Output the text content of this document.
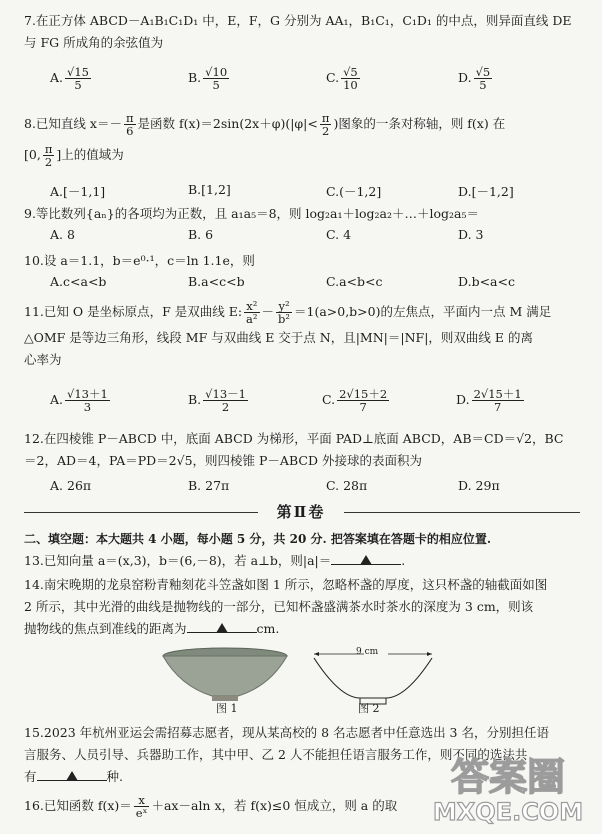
7.在正方体 ABCD－A₁B₁C₁D₁ 中，E，F，G 分别为 AA₁，B₁C₁，C₁D₁ 的中点，则异面直线 DE
与 FG 所成角的余弦值为
A. $\frac{√15}{5}$	B. $\frac{√10}{5}$	C. $\frac{√5}{10}$	D. $\frac{√5}{5}$
8.已知直线 $x=- \frac{\pi}{6}$ 是函数 $f(x)=2\sin(2x+\varphi)(|\varphi|< \frac{\pi}{2}$ )图象的一条对称轴，则 f(x) 在
[0, $\frac{\pi}{2}$ ]上的值域为
A.[－1,1]	B.[1,2]	C.(－1,2]	D.[－1,2]
9.等比数列{aₙ}的各项均为正数，且 a₁a₅＝8，则 log₂a₁＋log₂a₂＋…＋log₂a₅＝
A. 8	B. 6	C. 4	D. 3
10.设 a＝1.1，b＝e⁰·¹，c＝ln 1.1e，则
A.c<a<b	B.a<c<b	C.a<b<c	D.b<a<c
11.已知 O 是坐标原点，F 是双曲线 E: $\frac{\text{x²}}{\text{a²}} - \frac{\text{y²}}{\text{b²}} =1(a>0,b>0)$的左焦点，平面内一点 M 满足
△OMF 是等边三角形，线段 MF 与双曲线 E 交于点 N，且|MN|＝|NF|，则双曲线 E 的离
心率为
A. $\frac{√13+1}{3}$	B. $\frac{√13-1}{2}$	C. $\frac{2√15+2}{7}$	D. $\frac{2√15+1}{7}$
12.在四棱锥 P－ABCD 中，底面 ABCD 为梯形，平面 PAD⊥底面 ABCD，AB＝CD＝√2，BC
＝2，AD＝4，PA＝PD＝2√5，则四棱锥 P－ABCD 外接球的表面积为
A. 26π	B. 27π	C. 28π	D. 29π
第Ⅱ卷
二、填空题：本大题共 4 小题，每小题 5 分，共 20 分. 把答案填在答题卡的相应位置.
13.已知向量 a＝(x,3)，b＝(6,－8)，若 a⊥b，则|a|＝	.
14.南宋晚期的龙泉窑粉青釉刻花斗笠盏如图 1 所示，忽略杯盏的厚度，这只杯盏的轴截面如图
2 所示，其中光滑的曲线是抛物线的一部分，已知杯盏盛满茶水时茶水的深度为 3 cm，则该
抛物线的焦点到准线的距离为	cm.
图 1
9 cm
图 2
15.2023 年杭州亚运会需招募志愿者，现从某高校的 8 名志愿者中任意选出 3 名，分别担任语
言服务、人员引导、兵器助工作，其中甲、乙 2 人不能担任语言服务工作，则不同的选法共
有	种.
16.已知函数 $f(x)= \frac{x}{\text{eˣ}} +ax-aln$ x，若 f(x)≤0 恒成立，则 a 的取
答案圈
MXQE.COM
